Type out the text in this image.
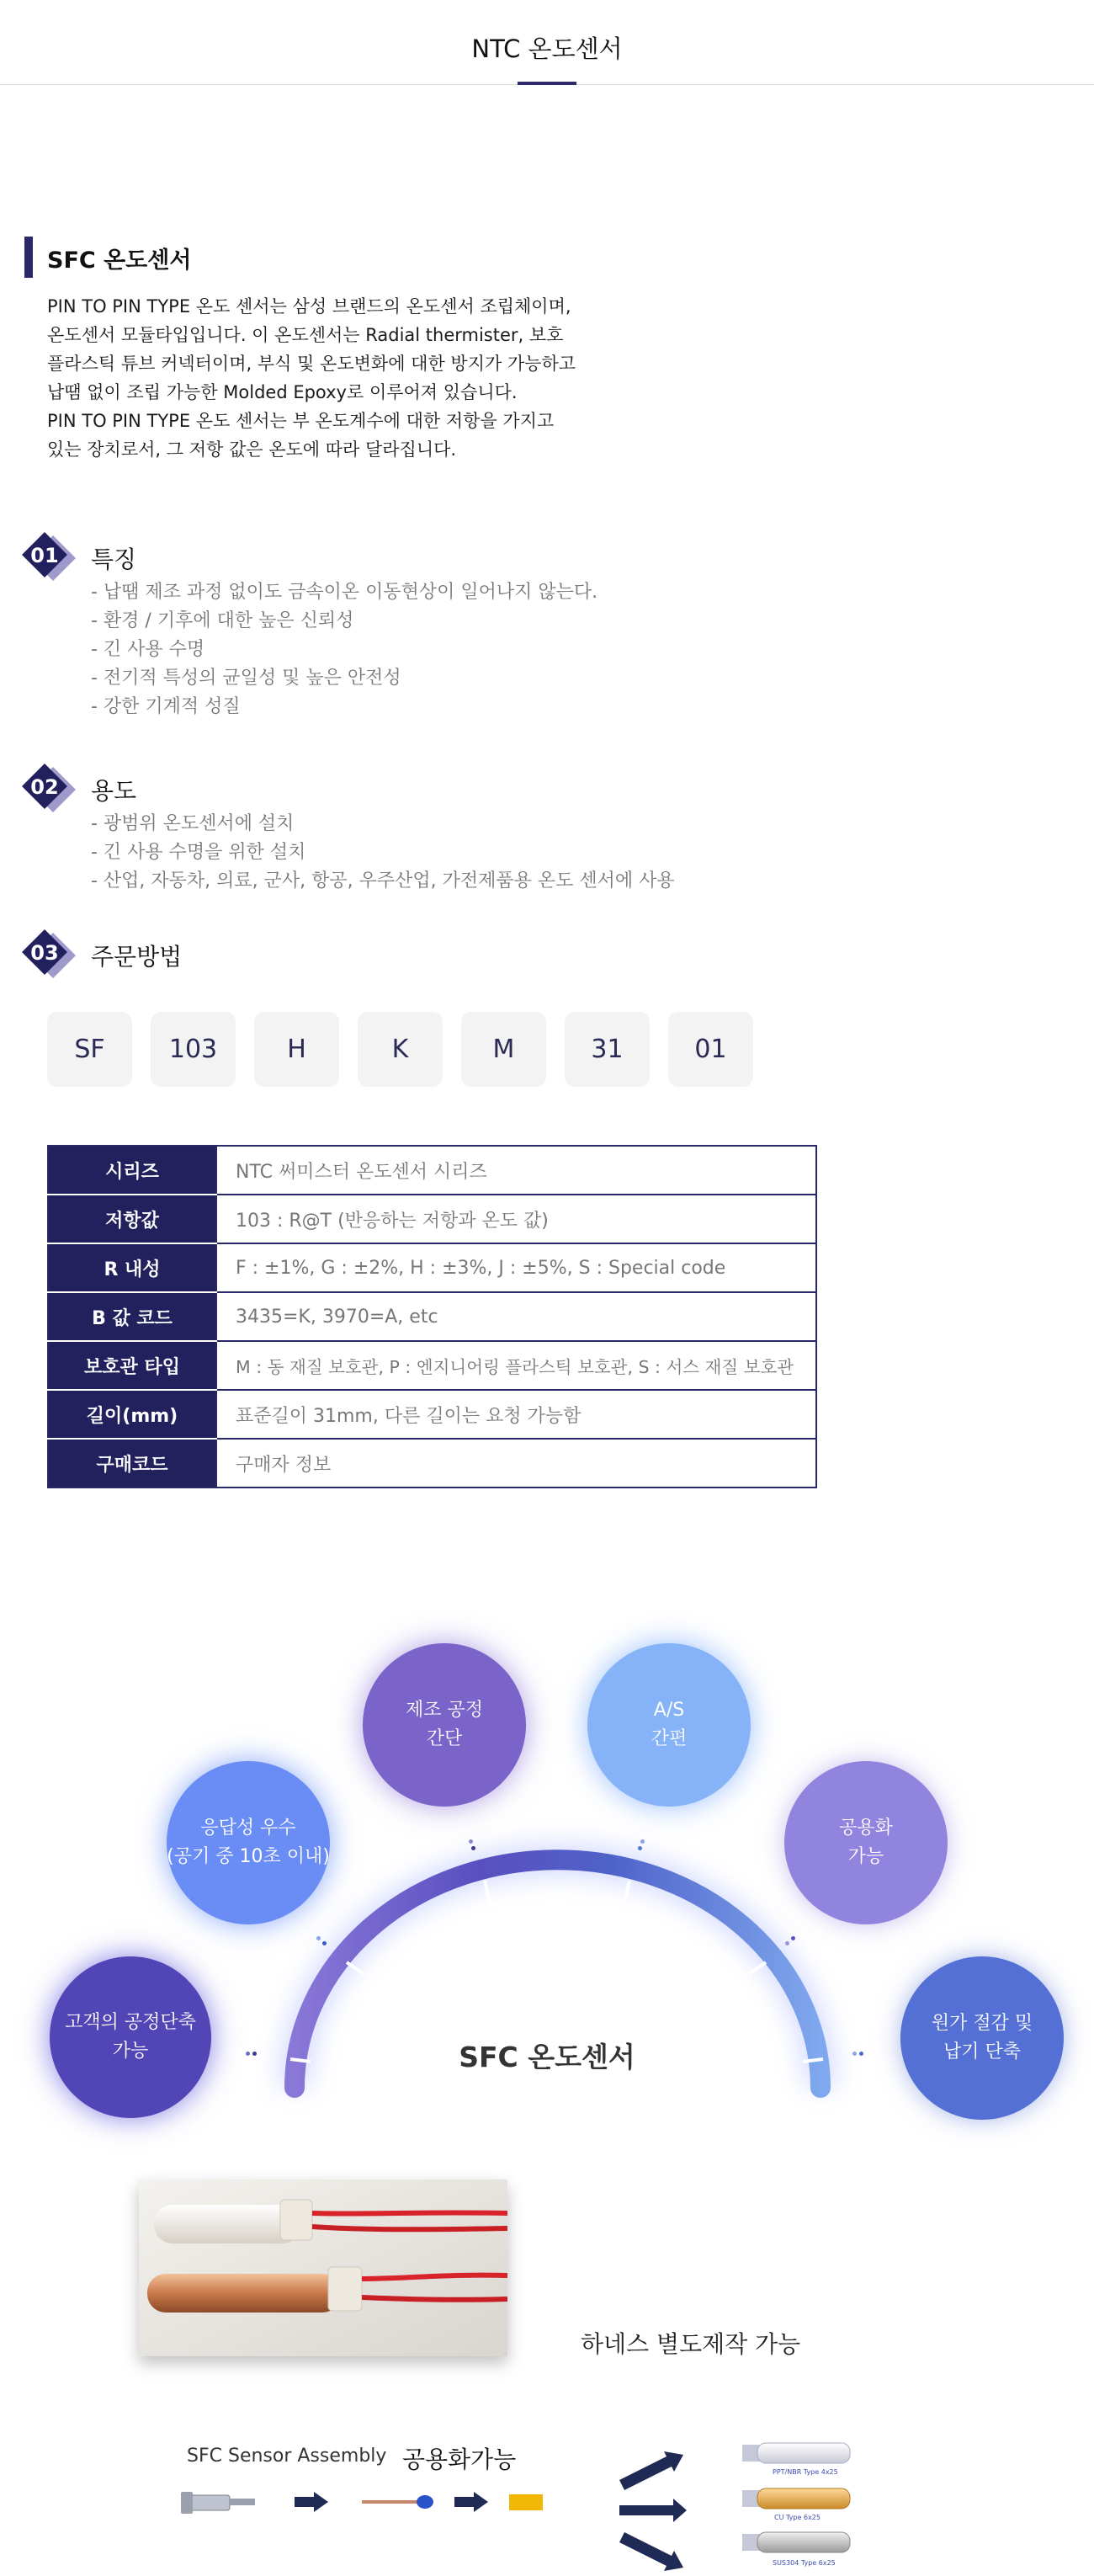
NTC 온도센서
SFC 온도센서
PIN TO PIN TYPE 온도 센서는 삼성 브랜드의 온도센서 조립체이며,
온도센서 모듈타입입니다. 이 온도센서는 Radial thermister, 보호
플라스틱 튜브 커넥터이며, 부식 및 온도변화에 대한 방지가 가능하고
납땜 없이 조립 가능한 Molded Epoxy로 이루어져 있습니다.
PIN TO PIN TYPE 온도 센서는 부 온도계수에 대한 저항을 가지고
있는 장치로서, 그 저항 값은 온도에 따라 달라집니다.
01	특징
- 납땜 제조 과정 없이도 금속이온 이동현상이 일어나지 않는다.
- 환경 / 기후에 대한 높은 신뢰성
- 긴 사용 수명
- 전기적 특성의 균일성 및 높은 안전성
- 강한 기계적 성질
02	용도
- 광범위 온도센서에 설치
- 긴 사용 수명을 위한 설치
- 산업, 자동차, 의료, 군사, 항공, 우주산업, 가전제품용 온도 센서에 사용
03	주문방법
SF	103	H	K	M	31	01
시리즈	NTC 써미스터 온도센서 시리즈
저항값	103 : R@T (반응하는 저항과 온도 값)
R 내성	F : ±1%, G : ±2%, H : ±3%, J : ±5%, S : Special code
B 값 코드	3435=K, 3970=A, etc
보호관 타입	M : 동 재질 보호관, P : 엔지니어링 플라스틱 보호관, S : 서스 재질 보호관
길이(mm)	표준길이 31mm, 다른 길이는 요청 가능함
구매코드	구매자 정보
SFC 온도센서
고객의 공정단축
가능
응답성 우수
(공기 중 10초 이내)
제조 공정
간단
A/S
간편
공용화
가능
원가 절감 및
납기 단축
하네스 별도제작 가능
SFC Sensor Assembly 공용화가능	PPT/NBR Type 4x25
CU Type 6x25
SUS304 Type 6x25
